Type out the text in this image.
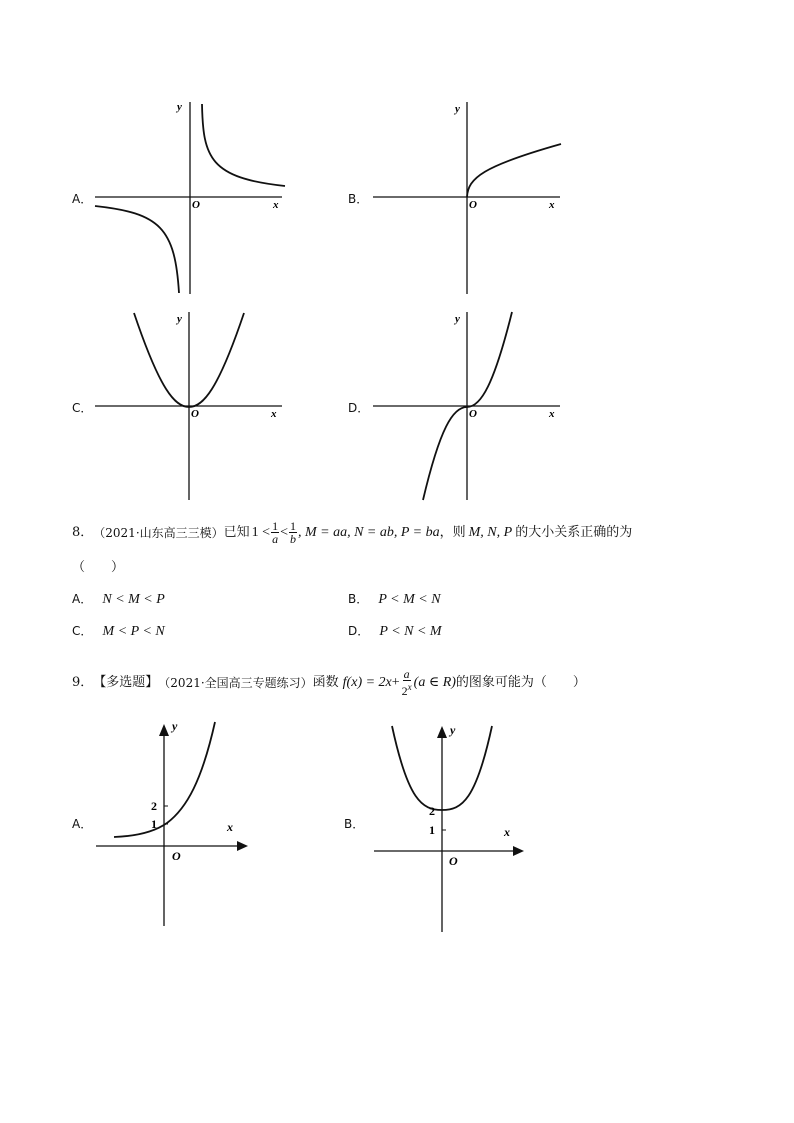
A．
y
x
O	B．
y
x
O
C．
y
x
O	D．
y
x
O
8． （2021·山东高三三模） 已知 $1 < \frac{1}{a} < \frac{1}{b}$ , M = a a , N = a b , P = b a ，则 M, N, P 的大小关系正确的为
（　　）
A． N < M < P	B． P < M < N
C． M < P < N	D． P < N < M
9． 【多选题】 （2021·全国高三专题练习） 函数 f(x) = 2 $x + \frac{a}{2^x} (a$ ∈ R) 的图象可能为（　　）
A．
y
x
O
2
1	B．
y
x
O
2
1
